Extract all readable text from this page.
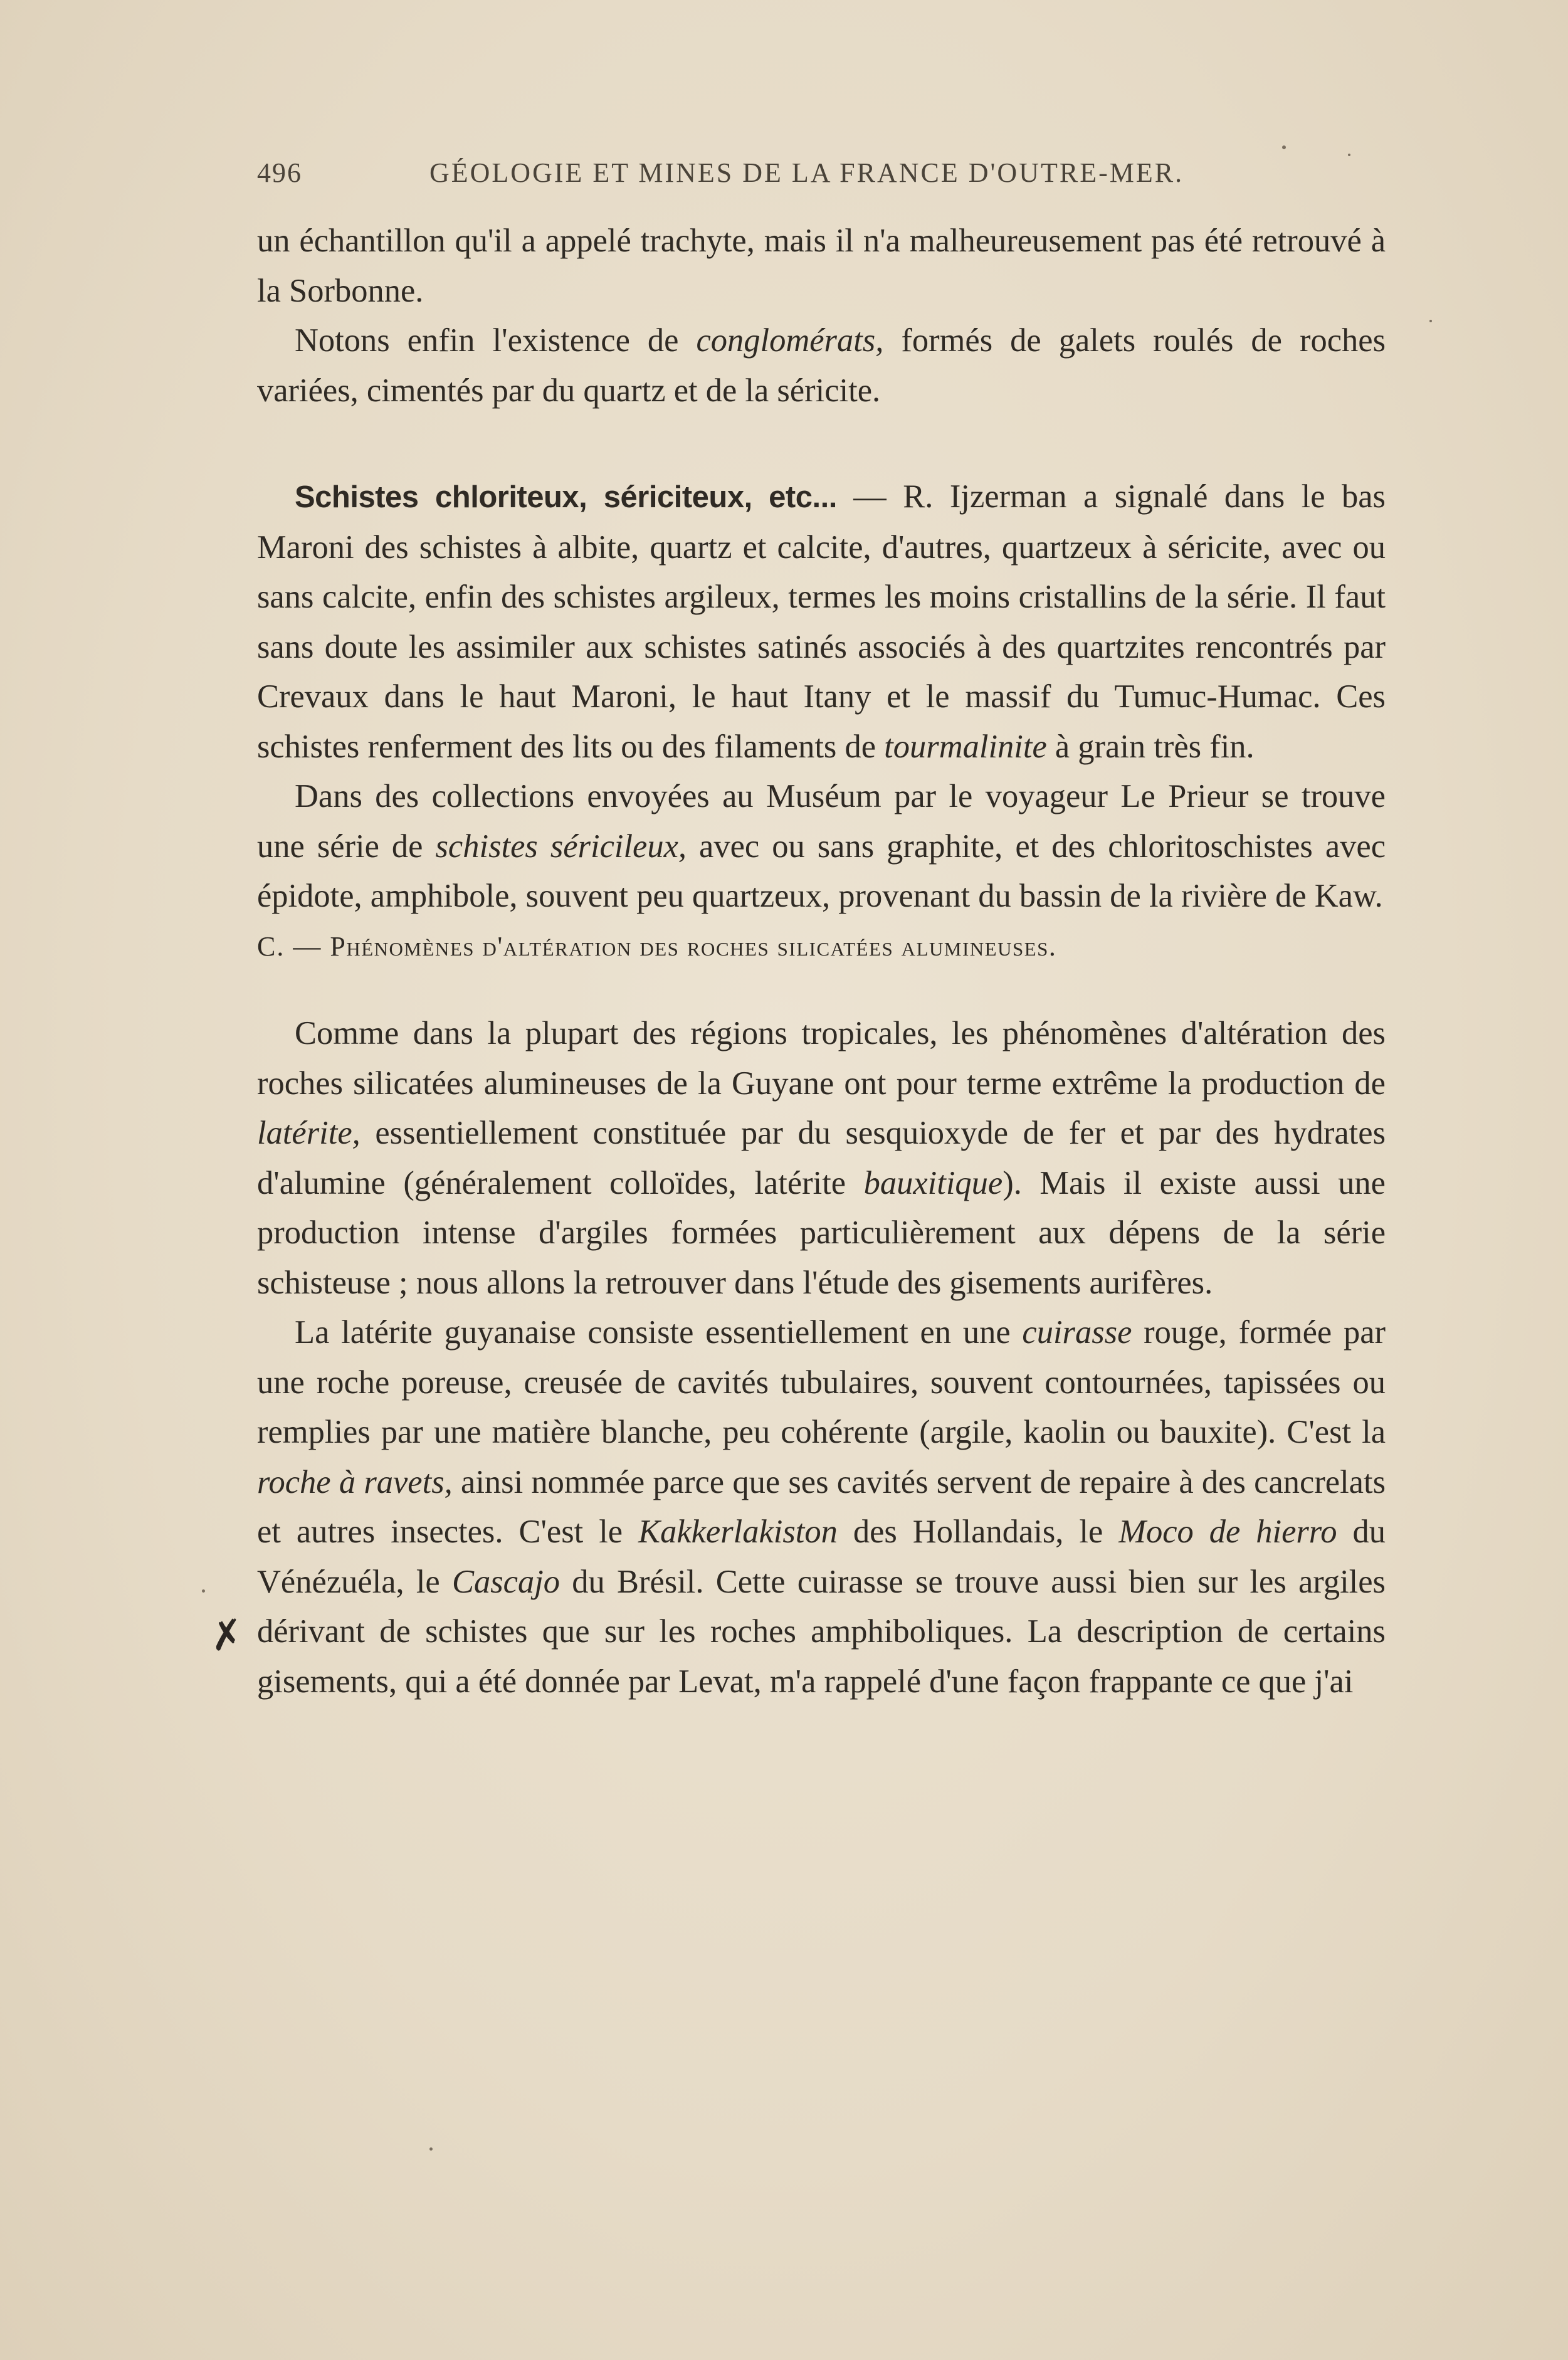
496	GÉOLOGIE ET MINES DE LA FRANCE D'OUTRE-MER.

un échantillon qu'il a appelé trachyte, mais il n'a malheureusement pas été retrouvé à la Sorbonne.

Notons enfin l'existence de conglomérats, formés de galets roulés de roches variées, cimentés par du quartz et de la séricite.

Schistes chloriteux, sériciteux, etc... — R. Ijzerman a signalé dans le bas Maroni des schistes à albite, quartz et calcite, d'autres, quartzeux à séricite, avec ou sans calcite, enfin des schistes argileux, termes les moins cristallins de la série. Il faut sans doute les assimiler aux schistes satinés associés à des quartzites rencontrés par Crevaux dans le haut Maroni, le haut Itany et le massif du Tumuc-Humac. Ces schistes renferment des lits ou des filaments de tourmalinite à grain très fin.

Dans des collections envoyées au Muséum par le voyageur Le Prieur se trouve une série de schistes séricileux, avec ou sans graphite, et des chloritoschistes avec épidote, amphibole, souvent peu quartzeux, provenant du bassin de la rivière de Kaw.

C. — Phénomènes d'altération des roches silicatées alumineuses.

Comme dans la plupart des régions tropicales, les phénomènes d'altération des roches silicatées alumineuses de la Guyane ont pour terme extrême la production de latérite, essentiellement constituée par du sesquioxyde de fer et par des hydrates d'alumine (généralement colloïdes, latérite bauxitique). Mais il existe aussi une production intense d'argiles formées particulièrement aux dépens de la série schisteuse ; nous allons la retrouver dans l'étude des gisements aurifères.

La latérite guyanaise consiste essentiellement en une cuirasse rouge, formée par une roche poreuse, creusée de cavités tubulaires, souvent contournées, tapissées ou remplies par une matière blanche, peu cohérente (argile, kaolin ou bauxite). C'est la roche à ravets, ainsi nommée parce que ses cavités servent de repaire à des cancrelats et autres insectes. C'est le Kakkerlakiston des Hollandais, le Moco de hierro du Vénézuéla, le Cascajo du Brésil. Cette cuirasse se trouve aussi bien sur les argiles dérivant de schistes que sur les roches amphiboliques. La description de certains gisements, qui a été donnée par Levat, m'a rappelé d'une façon frappante ce que j'ai

✗
